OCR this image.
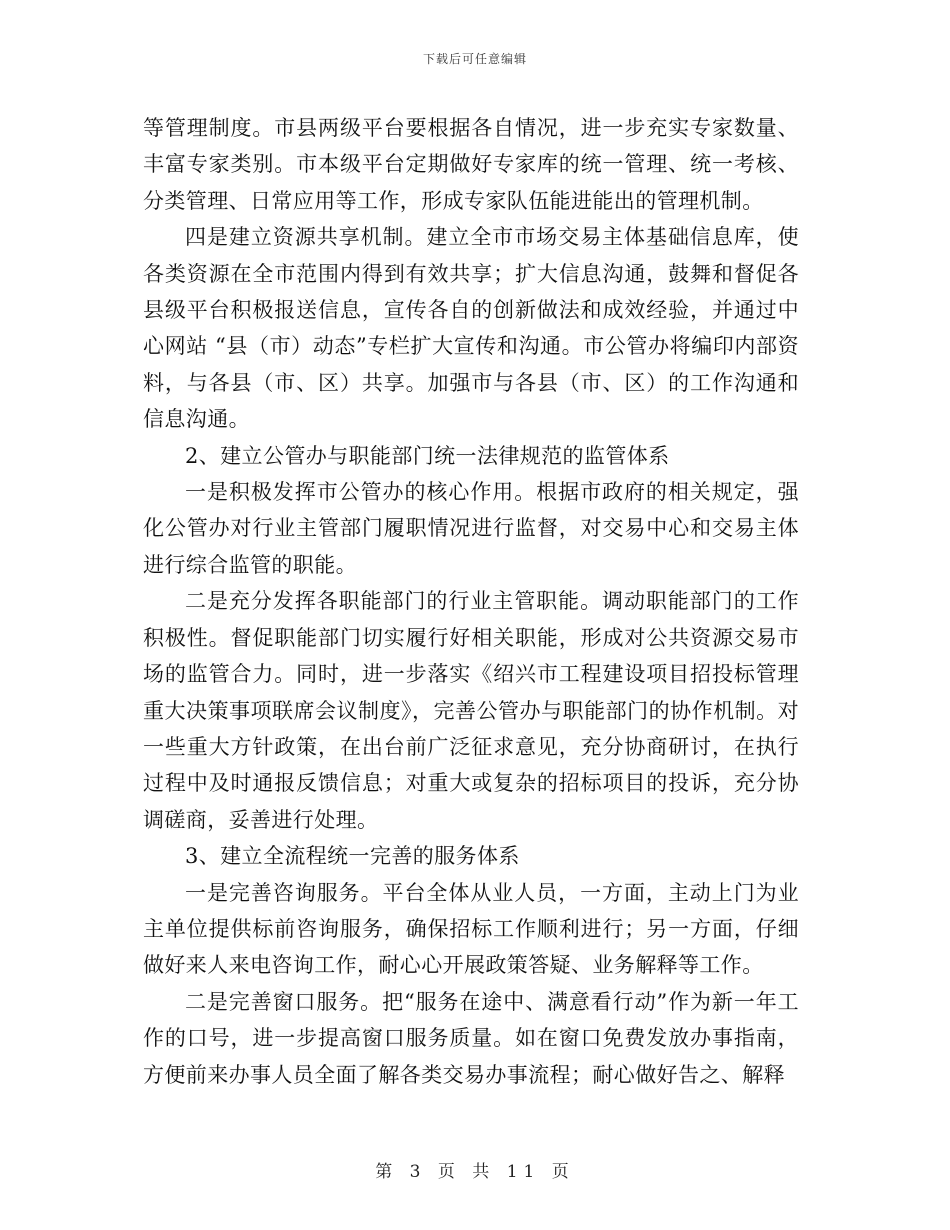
下载后可任意编辑

等管理制度。市县两级平台要根据各自情况，进一步充实专家数量、丰富专家类别。市本级平台定期做好专家库的统一管理、统一考核、分类管理、日常应用等工作，形成专家队伍能进能出的管理机制。

四是建立资源共享机制。建立全市市场交易主体基础信息库，使各类资源在全市范围内得到有效共享；扩大信息沟通，鼓舞和督促各县级平台积极报送信息，宣传各自的创新做法和成效经验，并通过中心网站 “县（市）动态”专栏扩大宣传和沟通。市公管办将编印内部资料，与各县（市、区）共享。加强市与各县（市、区）的工作沟通和信息沟通。

2、建立公管办与职能部门统一法律规范的监管体系

一是积极发挥市公管办的核心作用。根据市政府的相关规定，强化公管办对行业主管部门履职情况进行监督，对交易中心和交易主体进行综合监管的职能。

二是充分发挥各职能部门的行业主管职能。调动职能部门的工作积极性。督促职能部门切实履行好相关职能，形成对公共资源交易市场的监管合力。同时，进一步落实《绍兴市工程建设项目招投标管理重大决策事项联席会议制度》，完善公管办与职能部门的协作机制。对一些重大方针政策，在出台前广泛征求意见，充分协商研讨，在执行过程中及时通报反馈信息；对重大或复杂的招标项目的投诉，充分协调磋商，妥善进行处理。

3、建立全流程统一完善的服务体系

一是完善咨询服务。平台全体从业人员，一方面，主动上门为业主单位提供标前咨询服务，确保招标工作顺利进行；另一方面，仔细做好来人来电咨询工作，耐心心开展政策答疑、业务解释等工作。

二是完善窗口服务。把“服务在途中、满意看行动”作为新一年工作的口号，进一步提高窗口服务质量。如在窗口免费发放办事指南，方便前来办事人员全面了解各类交易办事流程；耐心做好告之、解释

第 3 页 共 11 页
